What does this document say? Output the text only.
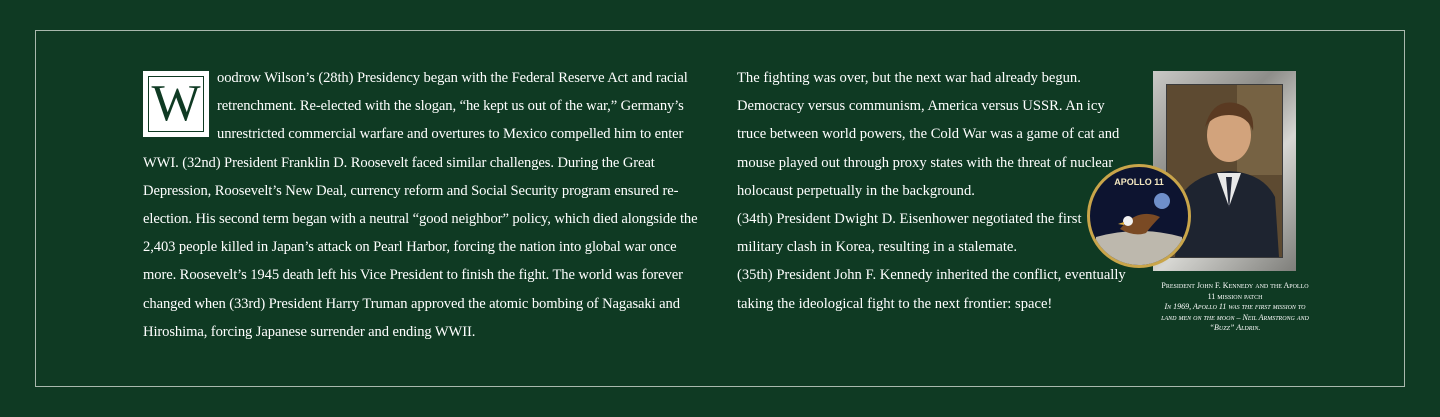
W	oodrow Wilson’s (28th) Presidency began with the Federal Reserve Act and racial retrenchment. Re-elected with the slogan, “he kept us out of the war,” Germany’s unrestricted commercial warfare and overtures to Mexico compelled him to enter WWI. (32nd) President Franklin D. Roosevelt faced similar challenges. During the Great Depression, Roosevelt’s New Deal, currency reform and Social Security program ensured re-election. His second term began with a neutral “good neighbor” policy, which died alongside the 2,403 people killed in Japan’s attack on Pearl Harbor, forcing the nation into global war once more. Roosevelt’s 1945 death left his Vice President to finish the fight. The world was forever changed when (33rd) President Harry Truman approved the atomic bombing of Nagasaki and Hiroshima, forcing Japanese surrender and ending WWII.

The fighting was over, but the next war had already begun. Democracy versus communism, America versus USSR. An icy truce between world powers, the Cold War was a game of cat and mouse played out through proxy states with the threat of nuclear holocaust perpetually in the background.

(34th) President Dwight D. Eisenhower negotiated the first military clash in Korea, resulting in a stalemate.

(35th) President John F. Kennedy inherited the conflict, eventually taking the ideological fight to the next frontier: space!

APOLLO 11
President John F. Kennedy and the Apollo 11 mission patch
In 1969, Apollo 11 was the first mission to land men on the moon – Neil Armstrong and “Buzz” Aldrin.
